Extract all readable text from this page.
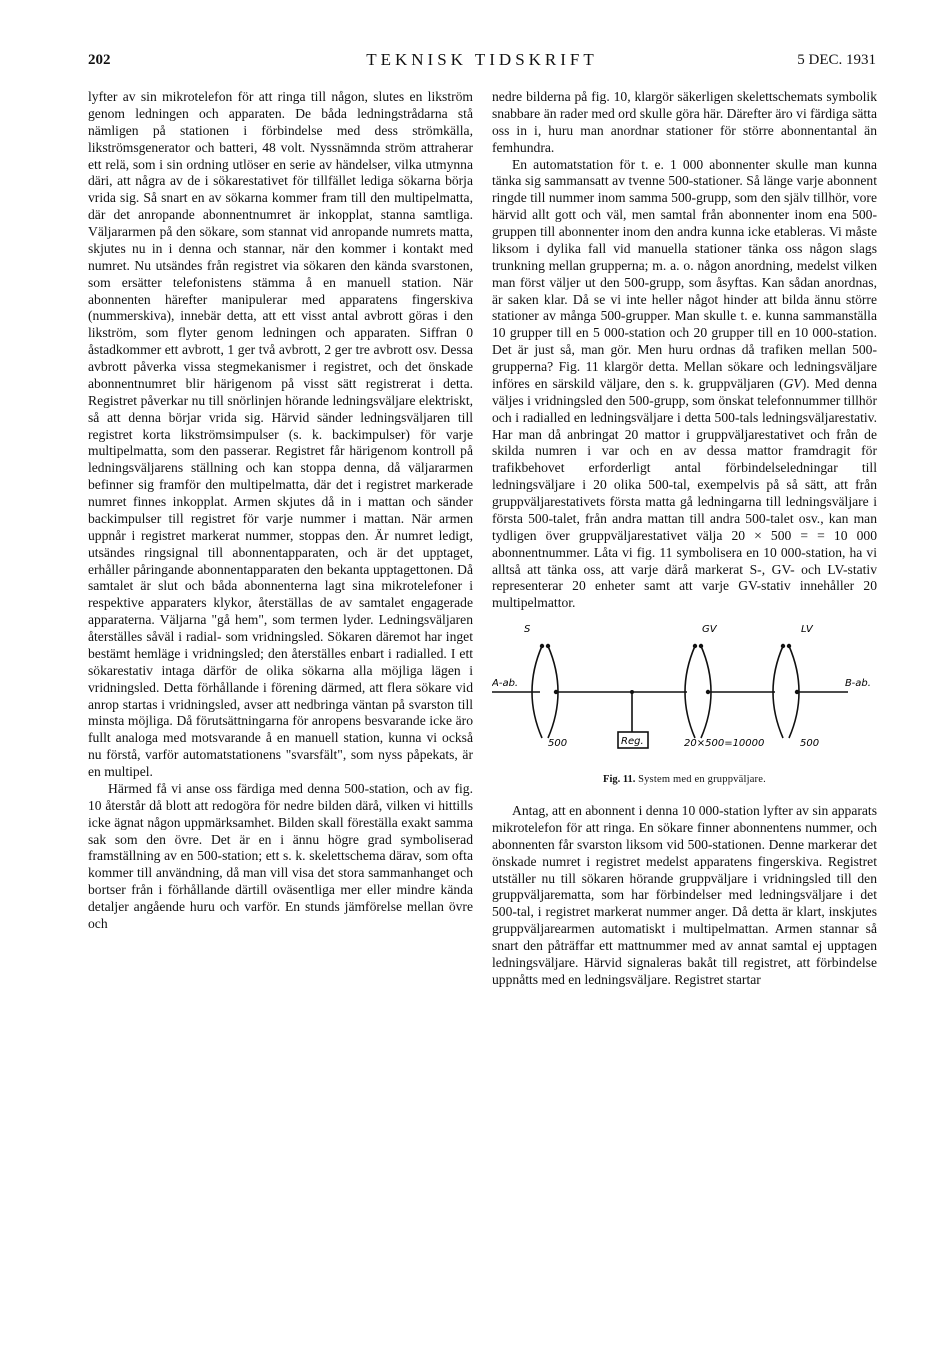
202	TEKNISK TIDSKRIFT	5 DEC. 1931

lyfter av sin mikrotelefon för att ringa till någon, slutes en likström genom ledningen och apparaten. De båda ledningstrådarna stå nämligen på stationen i förbindelse med dess strömkälla, likströmsgenerator och batteri, 48 volt. Nyssnämnda ström attraherar ett relä, som i sin ordning utlöser en serie av händelser, vilka utmynna däri, att några av de i sökarestativet för tillfället lediga sökarna börja vrida sig. Så snart en av sökarna kommer fram till den multipelmatta, där det anropande abonnentnumret är inkopplat, stanna samtliga. Väljararmen på den sökare, som stannat vid anropande numrets matta, skjutes nu in i denna och stannar, när den kommer i kontakt med numret. Nu utsändes från registret via sökaren den kända svarstonen, som ersätter telefonistens stämma å en manuell station. När abonnenten härefter manipulerar med apparatens fingerskiva (nummerskiva), innebär detta, att ett visst antal avbrott göras i den likström, som flyter genom ledningen och apparaten. Siffran 0 åstadkommer ett avbrott, 1 ger två avbrott, 2 ger tre avbrott osv. Dessa avbrott påverka vissa stegmekanismer i registret, och det önskade abonnentnumret blir härigenom på visst sätt registrerat i detta. Registret påverkar nu till snörlinjen hörande ledningsväljare elektriskt, så att denna börjar vrida sig. Härvid sänder ledningsväljaren till registret korta likströmsimpulser (s. k. backimpulser) för varje multipelmatta, som den passerar. Registret får härigenom kontroll på ledningsväljarens ställning och kan stoppa denna, då väljararmen befinner sig framför den multipelmatta, där det i registret markerade numret finnes inkopplat. Armen skjutes då in i mattan och sänder backimpulser till registret för varje nummer i mattan. När armen uppnår i registret markerat nummer, stoppas den. Är numret ledigt, utsändes ringsignal till abonnentapparaten, och är det upptaget, erhåller påringande abonnentapparaten den bekanta upptagettonen. Då samtalet är slut och båda abonnenterna lagt sina mikrotelefoner i respektive apparaters klykor, återställas de av samtalet engagerade apparaterna. Väljarna "gå hem", som termen lyder. Ledningsväljaren återställes såväl i radial- som vridningsled. Sökaren däremot har inget bestämt hemläge i vridningsled; den återställes enbart i radialled. I ett sökarestativ intaga därför de olika sökarna alla möjliga lägen i vridningsled. Detta förhållande i förening därmed, att flera sökare vid anrop startas i vridningsled, avser att nedbringa väntan på svarston till minsta möjliga. Då förutsättningarna för anropens besvarande icke äro fullt analoga med motsvarande å en manuell station, kunna vi också nu förstå, varför automatstationens "svarsfält", som nyss påpekats, är en multipel.

Härmed få vi anse oss färdiga med denna 500-station, och av fig. 10 återstår då blott att redogöra för nedre bilden därå, vilken vi hittills icke ägnat någon uppmärksamhet. Bilden skall föreställa exakt samma sak som den övre. Det är en i ännu högre grad symboliserad framställning av en 500-station; ett s. k. skelettschema därav, som ofta kommer till användning, då man vill visa det stora sammanhanget och bortser från i förhållande därtill oväsentliga mer eller mindre kända detaljer angående huru och varför. En stunds jämförelse mellan övre och

nedre bilderna på fig. 10, klargör säkerligen skelettschemats symbolik snabbare än rader med ord skulle göra här. Därefter äro vi färdiga sätta oss in i, huru man anordnar stationer för större abonnentantal än femhundra.

En automatstation för t. e. 1 000 abonnenter skulle man kunna tänka sig sammansatt av tvenne 500-stationer. Så länge varje abonnent ringde till nummer inom samma 500-grupp, som den själv tillhör, vore härvid allt gott och väl, men samtal från abonnenter inom ena 500-gruppen till abonnenter inom den andra kunna icke etableras. Vi måste liksom i dylika fall vid manuella stationer tänka oss någon slags trunkning mellan grupperna; m. a. o. någon anordning, medelst vilken man först väljer ut den 500-grupp, som åsyftas. Kan sådan anordnas, är saken klar. Då se vi inte heller något hinder att bilda ännu större stationer av många 500-grupper. Man skulle t. e. kunna sammanställa 10 grupper till en 5 000-station och 20 grupper till en 10 000-station. Det är just så, man gör. Men huru ordnas då trafiken mellan 500-grupperna? Fig. 11 klargör detta. Mellan sökare och ledningsväljare införes en särskild väljare, den s. k. gruppväljaren (GV). Med denna väljes i vridningsled den 500-grupp, som önskat telefonnummer tillhör och i radialled en ledningsväljare i detta 500-tals ledningsväljarestativ. Har man då anbringat 20 mattor i gruppväljarestativet och från de skilda numren i var och en av dessa mattor framdragit för trafikbehovet erforderligt antal förbindelseledningar till ledningsväljare i 20 olika 500-tal, exempelvis på så sätt, att från gruppväljarestativets första matta gå ledningarna till ledningsväljare i första 500-talet, från andra mattan till andra 500-talet osv., kan man tydligen över gruppväljarestativet välja 20 × 500 = = 10 000 abonnentnummer. Låta vi fig. 11 symbolisera en 10 000-station, ha vi alltså att tänka oss, att varje därå markerat S-, GV- och LV-stativ representerar 20 enheter samt att varje GV-stativ innehåller 20 multipelmattor.

S	GV	LV
A-ab.	B-ab.
Reg.
500	20×500=10000	500
Fig. 11. System med en gruppväljare.

Antag, att en abonnent i denna 10 000-station lyfter av sin apparats mikrotelefon för att ringa. En sökare finner abonnentens nummer, och abonnenten får svarston liksom vid 500-stationen. Denne markerar det önskade numret i registret medelst apparatens fingerskiva. Registret utställer nu till sökaren hörande gruppväljare i vridningsled till den gruppväljarematta, som har förbindelser med ledningsväljare i det 500-tal, i registret markerat nummer anger. Då detta är klart, inskjutes gruppväljarearmen automatiskt i multipelmattan. Armen stannar så snart den påträffar ett mattnummer med av annat samtal ej upptagen ledningsväljare. Härvid signaleras bakåt till registret, att förbindelse uppnåtts med en ledningsväljare. Registret startar
